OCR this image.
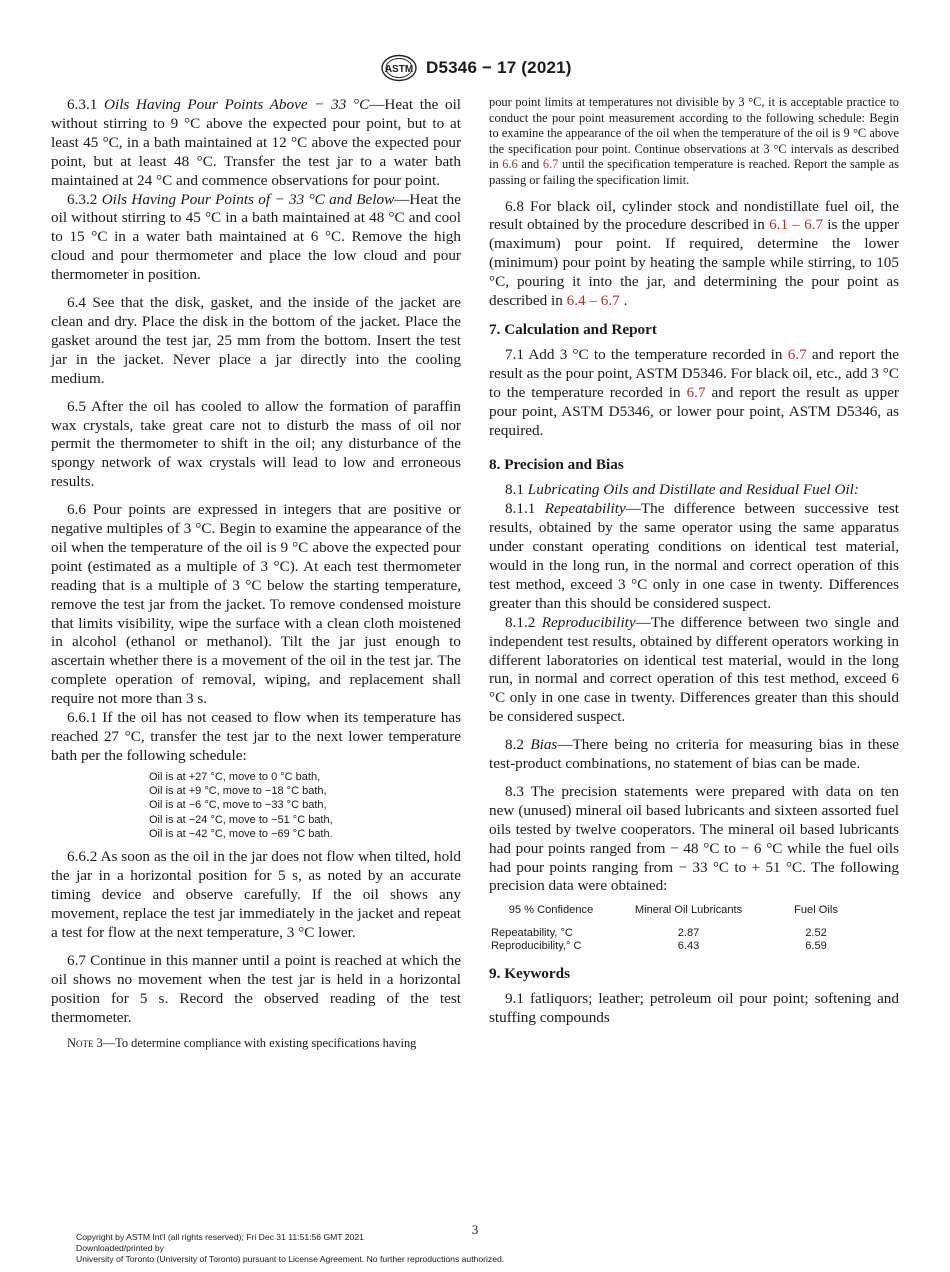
ASTM D5346 − 17 (2021)

6.3.1 Oils Having Pour Points Above − 33 °C—Heat the oil without stirring to 9 °C above the expected pour point, but to at least 45 °C, in a bath maintained at 12 °C above the expected pour point, but at least 48 °C. Transfer the test jar to a water bath maintained at 24 °C and commence observations for pour point.

6.3.2 Oils Having Pour Points of − 33 °C and Below—Heat the oil without stirring to 45 °C in a bath maintained at 48 °C and cool to 15 °C in a water bath maintained at 6 °C. Remove the high cloud and pour thermometer and place the low cloud and pour thermometer in position.

6.4 See that the disk, gasket, and the inside of the jacket are clean and dry. Place the disk in the bottom of the jacket. Place the gasket around the test jar, 25 mm from the bottom. Insert the test jar in the jacket. Never place a jar directly into the cooling medium.

6.5 After the oil has cooled to allow the formation of paraffin wax crystals, take great care not to disturb the mass of oil nor permit the thermometer to shift in the oil; any disturbance of the spongy network of wax crystals will lead to low and erroneous results.

6.6 Pour points are expressed in integers that are positive or negative multiples of 3 °C. Begin to examine the appearance of the oil when the temperature of the oil is 9 °C above the expected pour point (estimated as a multiple of 3 °C). At each test thermometer reading that is a multiple of 3 °C below the starting temperature, remove the test jar from the jacket. To remove condensed moisture that limits visibility, wipe the surface with a clean cloth moistened in alcohol (ethanol or methanol). Tilt the jar just enough to ascertain whether there is a movement of the oil in the test jar. The complete operation of removal, wiping, and replacement shall require not more than 3 s.

6.6.1 If the oil has not ceased to flow when its temperature has reached 27 °C, transfer the test jar to the next lower temperature bath per the following schedule:

Oil is at +27 °C, move to 0 °C bath,
Oil is at +9 °C, move to −18 °C bath,
Oil is at −6 °C, move to −33 °C bath,
Oil is at −24 °C, move to −51 °C bath,
Oil is at −42 °C, move to −69 °C bath.

6.6.2 As soon as the oil in the jar does not flow when tilted, hold the jar in a horizontal position for 5 s, as noted by an accurate timing device and observe carefully. If the oil shows any movement, replace the test jar immediately in the jacket and repeat a test for flow at the next temperature, 3 °C lower.

6.7 Continue in this manner until a point is reached at which the oil shows no movement when the test jar is held in a horizontal position for 5 s. Record the observed reading of the test thermometer.

Note 3—To determine compliance with existing specifications having
pour point limits at temperatures not divisible by 3 °C, it is acceptable practice to conduct the pour point measurement according to the following schedule: Begin to examine the appearance of the oil when the temperature of the oil is 9 °C above the specification pour point. Continue observations at 3 °C intervals as described in 6.6 and 6.7 until the specification temperature is reached. Report the sample as passing or failing the specification limit.

6.8 For black oil, cylinder stock and nondistillate fuel oil, the result obtained by the procedure described in 6.1 – 6.7 is the upper (maximum) pour point. If required, determine the lower (minimum) pour point by heating the sample while stirring, to 105 °C, pouring it into the jar, and determining the pour point as described in 6.4 – 6.7 .

7. Calculation and Report

7.1 Add 3 °C to the temperature recorded in 6.7 and report the result as the pour point, ASTM D5346. For black oil, etc., add 3 °C to the temperature recorded in 6.7 and report the result as upper pour point, ASTM D5346, or lower pour point, ASTM D5346, as required.

8. Precision and Bias

8.1 Lubricating Oils and Distillate and Residual Fuel Oil:

8.1.1 Repeatability—The difference between successive test results, obtained by the same operator using the same apparatus under constant operating conditions on identical test material, would in the long run, in the normal and correct operation of this test method, exceed 3 °C only in one case in twenty. Differences greater than this should be considered suspect.

8.1.2 Reproducibility—The difference between two single and independent test results, obtained by different operators working in different laboratories on identical test material, would in the long run, in normal and correct operation of this test method, exceed 6 °C only in one case in twenty. Differences greater than this should be considered suspect.

8.2 Bias—There being no criteria for measuring bias in these test-product combinations, no statement of bias can be made.

8.3 The precision statements were prepared with data on ten new (unused) mineral oil based lubricants and sixteen assorted fuel oils tested by twelve cooperators. The mineral oil based lubricants had pour points ranged from − 48 °C to − 6 °C while the fuel oils had pour points ranging from − 33 °C to + 51 °C. The following precision data were obtained:

95 % Confidence	Mineral Oil Lubricants	Fuel Oils

Repeatability, °C	2.87	2.52
Reproducibility,° C	6.43	6.59
9. Keywords

9.1 fatliquors; leather; petroleum oil pour point; softening and stuffing compounds

3
Copyright by ASTM Int'l (all rights reserved); Fri Dec 31 11:51:56 GMT 2021
Downloaded/printed by
University of Toronto (University of Toronto) pursuant to License Agreement. No further reproductions authorized.
